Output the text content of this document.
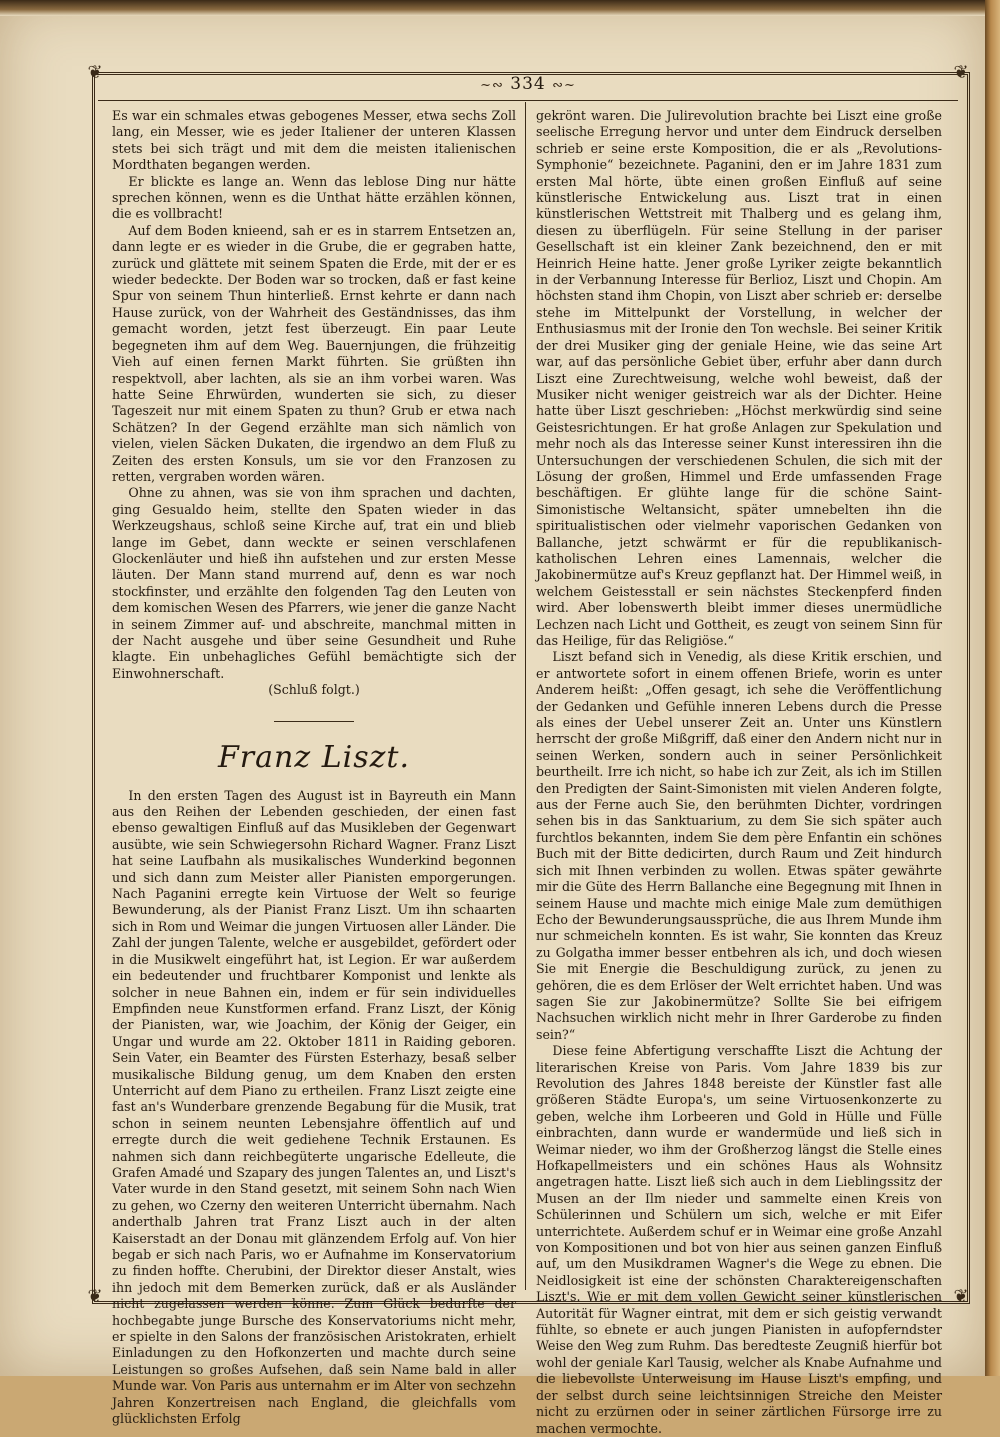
❦	❦
❦	❦
~∾ 334 ∾~

Es war ein schmales etwas gebogenes Messer, etwa sechs Zoll lang, ein Messer, wie es jeder Italiener der unteren Klassen stets bei sich trägt und mit dem die meisten italienischen Mordthaten begangen werden.

Er blickte es lange an. Wenn das leblose Ding nur hätte sprechen können, wenn es die Unthat hätte erzählen können, die es vollbracht!

Auf dem Boden knieend, sah er es in starrem Entsetzen an, dann legte er es wieder in die Grube, die er gegraben hatte, zurück und glättete mit seinem Spaten die Erde, mit der er es wieder bedeckte. Der Boden war so trocken, daß er fast keine Spur von seinem Thun hinterließ. Ernst kehrte er dann nach Hause zurück, von der Wahrheit des Geständnisses, das ihm gemacht worden, jetzt fest überzeugt. Ein paar Leute begegneten ihm auf dem Weg. Bauernjungen, die frühzeitig Vieh auf einen fernen Markt führten. Sie grüßten ihn respektvoll, aber lachten, als sie an ihm vorbei waren. Was hatte Seine Ehrwürden, wunderten sie sich, zu dieser Tageszeit nur mit einem Spaten zu thun? Grub er etwa nach Schätzen? In der Gegend erzählte man sich nämlich von vielen, vielen Säcken Dukaten, die irgendwo an dem Fluß zu Zeiten des ersten Konsuls, um sie vor den Franzosen zu retten, vergraben worden wären.

Ohne zu ahnen, was sie von ihm sprachen und dachten, ging Gesualdo heim, stellte den Spaten wieder in das Werkzeugshaus, schloß seine Kirche auf, trat ein und blieb lange im Gebet, dann weckte er seinen verschlafenen Glockenläuter und hieß ihn aufstehen und zur ersten Messe läuten. Der Mann stand murrend auf, denn es war noch stockfinster, und erzählte den folgenden Tag den Leuten von dem komischen Wesen des Pfarrers, wie jener die ganze Nacht in seinem Zimmer auf- und abschreite, manchmal mitten in der Nacht ausgehe und über seine Gesundheit und Ruhe klagte. Ein unbehagliches Gefühl bemächtigte sich der Einwohnerschaft.

(Schluß folgt.)

Franz Liszt.

In den ersten Tagen des August ist in Bayreuth ein Mann aus den Reihen der Lebenden geschieden, der einen fast ebenso gewaltigen Einfluß auf das Musikleben der Gegenwart ausübte, wie sein Schwiegersohn Richard Wagner. Franz Liszt hat seine Laufbahn als musikalisches Wunderkind begonnen und sich dann zum Meister aller Pianisten emporgerungen. Nach Paganini erregte kein Virtuose der Welt so feurige Bewunderung, als der Pianist Franz Liszt. Um ihn schaarten sich in Rom und Weimar die jungen Virtuosen aller Länder. Die Zahl der jungen Talente, welche er ausgebildet, gefördert oder in die Musikwelt eingeführt hat, ist Legion. Er war außerdem ein bedeutender und fruchtbarer Komponist und lenkte als solcher in neue Bahnen ein, indem er für sein individuelles Empfinden neue Kunstformen erfand. Franz Liszt, der König der Pianisten, war, wie Joachim, der König der Geiger, ein Ungar und wurde am 22. Oktober 1811 in Raiding geboren. Sein Vater, ein Beamter des Fürsten Esterhazy, besaß selber musikalische Bildung genug, um dem Knaben den ersten Unterricht auf dem Piano zu ertheilen. Franz Liszt zeigte eine fast an's Wunderbare grenzende Begabung für die Musik, trat schon in seinem neunten Lebensjahre öffentlich auf und erregte durch die weit gediehene Technik Erstaunen. Es nahmen sich dann reichbegüterte ungarische Edelleute, die Grafen Amadé und Szapary des jungen Talentes an, und Liszt's Vater wurde in den Stand gesetzt, mit seinem Sohn nach Wien zu gehen, wo Czerny den weiteren Unterricht übernahm. Nach anderthalb Jahren trat Franz Liszt auch in der alten Kaiserstadt an der Donau mit glänzendem Erfolg auf. Von hier begab er sich nach Paris, wo er Aufnahme im Konservatorium zu finden hoffte. Cherubini, der Direktor dieser Anstalt, wies ihn jedoch mit dem Bemerken zurück, daß er als Ausländer nicht zugelassen werden könne. Zum Glück bedurfte der hochbegabte junge Bursche des Konservatoriums nicht mehr, er spielte in den Salons der französischen Aristokraten, erhielt Einladungen zu den Hofkonzerten und machte durch seine Leistungen so großes Aufsehen, daß sein Name bald in aller Munde war. Von Paris aus unternahm er im Alter von sechzehn Jahren Konzertreisen nach England, die gleichfalls vom glücklichsten Erfolg

gekrönt waren. Die Julirevolution brachte bei Liszt eine große seelische Erregung hervor und unter dem Eindruck derselben schrieb er seine erste Komposition, die er als „Revolutions-Symphonie“ bezeichnete. Paganini, den er im Jahre 1831 zum ersten Mal hörte, übte einen großen Einfluß auf seine künstlerische Entwickelung aus. Liszt trat in einen künstlerischen Wettstreit mit Thalberg und es gelang ihm, diesen zu überflügeln. Für seine Stellung in der pariser Gesellschaft ist ein kleiner Zank bezeichnend, den er mit Heinrich Heine hatte. Jener große Lyriker zeigte bekanntlich in der Verbannung Interesse für Berlioz, Liszt und Chopin. Am höchsten stand ihm Chopin, von Liszt aber schrieb er: derselbe stehe im Mittelpunkt der Vorstellung, in welcher der Enthusiasmus mit der Ironie den Ton wechsle. Bei seiner Kritik der drei Musiker ging der geniale Heine, wie das seine Art war, auf das persönliche Gebiet über, erfuhr aber dann durch Liszt eine Zurechtweisung, welche wohl beweist, daß der Musiker nicht weniger geistreich war als der Dichter. Heine hatte über Liszt geschrieben: „Höchst merkwürdig sind seine Geistesrichtungen. Er hat große Anlagen zur Spekulation und mehr noch als das Interesse seiner Kunst interessiren ihn die Untersuchungen der verschiedenen Schulen, die sich mit der Lösung der großen, Himmel und Erde umfassenden Frage beschäftigen. Er glühte lange für die schöne Saint-Simonistische Weltansicht, später umnebelten ihn die spiritualistischen oder vielmehr vaporischen Gedanken von Ballanche, jetzt schwärmt er für die republikanisch-katholischen Lehren eines Lamennais, welcher die Jakobinermütze auf's Kreuz gepflanzt hat. Der Himmel weiß, in welchem Geistesstall er sein nächstes Steckenpferd finden wird. Aber lobenswerth bleibt immer dieses unermüdliche Lechzen nach Licht und Gottheit, es zeugt von seinem Sinn für das Heilige, für das Religiöse.“

Liszt befand sich in Venedig, als diese Kritik erschien, und er antwortete sofort in einem offenen Briefe, worin es unter Anderem heißt: „Offen gesagt, ich sehe die Veröffentlichung der Gedanken und Gefühle inneren Lebens durch die Presse als eines der Uebel unserer Zeit an. Unter uns Künstlern herrscht der große Mißgriff, daß einer den Andern nicht nur in seinen Werken, sondern auch in seiner Persönlichkeit beurtheilt. Irre ich nicht, so habe ich zur Zeit, als ich im Stillen den Predigten der Saint-Simonisten mit vielen Anderen folgte, aus der Ferne auch Sie, den berühmten Dichter, vordringen sehen bis in das Sanktuarium, zu dem Sie sich später auch furchtlos bekannten, indem Sie dem père Enfantin ein schönes Buch mit der Bitte dedicirten, durch Raum und Zeit hindurch sich mit Ihnen verbinden zu wollen. Etwas später gewährte mir die Güte des Herrn Ballanche eine Begegnung mit Ihnen in seinem Hause und machte mich einige Male zum demüthigen Echo der Bewunderungsaussprüche, die aus Ihrem Munde ihm nur schmeicheln konnten. Es ist wahr, Sie konnten das Kreuz zu Golgatha immer besser entbehren als ich, und doch wiesen Sie mit Energie die Beschuldigung zurück, zu jenen zu gehören, die es dem Erlöser der Welt errichtet haben. Und was sagen Sie zur Jakobinermütze? Sollte Sie bei eifrigem Nachsuchen wirklich nicht mehr in Ihrer Garderobe zu finden sein?“

Diese feine Abfertigung verschaffte Liszt die Achtung der literarischen Kreise von Paris. Vom Jahre 1839 bis zur Revolution des Jahres 1848 bereiste der Künstler fast alle größeren Städte Europa's, um seine Virtuosenkonzerte zu geben, welche ihm Lorbeeren und Gold in Hülle und Fülle einbrachten, dann wurde er wandermüde und ließ sich in Weimar nieder, wo ihm der Großherzog längst die Stelle eines Hofkapellmeisters und ein schönes Haus als Wohnsitz angetragen hatte. Liszt ließ sich auch in dem Lieblingssitz der Musen an der Ilm nieder und sammelte einen Kreis von Schülerinnen und Schülern um sich, welche er mit Eifer unterrichtete. Außerdem schuf er in Weimar eine große Anzahl von Kompositionen und bot von hier aus seinen ganzen Einfluß auf, um den Musikdramen Wagner's die Wege zu ebnen. Die Neidlosigkeit ist eine der schönsten Charaktereigenschaften Liszt's. Wie er mit dem vollen Gewicht seiner künstlerischen Autorität für Wagner eintrat, mit dem er sich geistig verwandt fühlte, so ebnete er auch jungen Pianisten in aufopferndster Weise den Weg zum Ruhm. Das beredteste Zeugniß hierfür bot wohl der geniale Karl Tausig, welcher als Knabe Aufnahme und die liebevollste Unterweisung im Hause Liszt's empfing, und der selbst durch seine leichtsinnigen Streiche den Meister nicht zu erzürnen oder in seiner zärtlichen Fürsorge irre zu machen vermochte.
